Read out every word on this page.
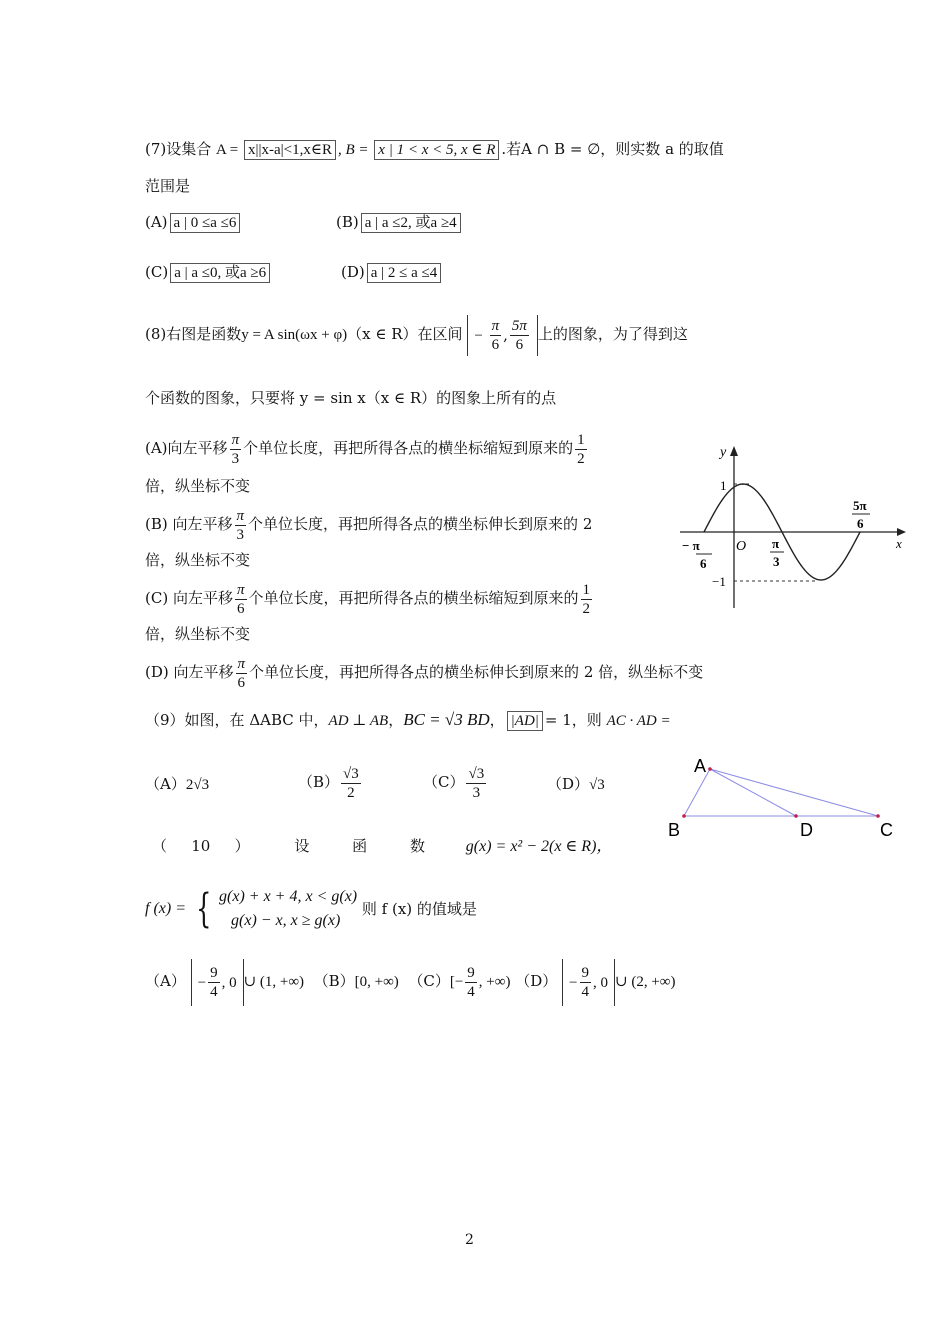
(7)设集合 A = x||x-a|<1,x∈R , B = x | 1 < x < 5, x ∈ R .若A ∩ B = ∅，则实数 a 的取值
范围是
(A) a | 0 ≤a ≤6	(B) a | a ≤2, 或a ≥4
(C) a | a ≤0, 或a ≥6	(D) a | 2 ≤ a ≤4
(8)右图是函数y = A sin(ωx + φ)（x ∈ R）在区间 − $\frac{\pi}{6}$ , $\frac{5\pi}{6}$ 上的图象，为了得到这
个函数的图象，只要将 y = sin x（x ∈ R）的图象上所有的点
(A)向左平移 $\frac{\pi}{3}$ 个单位长度，再把所得各点的横坐标缩短到原来的 $\frac{1}{2}$
倍，纵坐标不变
(B) 向左平移 $\frac{\pi}{3}$ 个单位长度，再把所得各点的横坐标伸长到原来的 2
倍，纵坐标不变
(C) 向左平移 $\frac{\pi}{6}$ 个单位长度，再把所得各点的横坐标缩短到原来的 $\frac{1}{2}$
倍，纵坐标不变
(D) 向左平移 $\frac{\pi}{6}$ 个单位长度，再把所得各点的横坐标伸长到原来的 2 倍，纵坐标不变
y
x
O
1
−1
− π
6
π
3
5π
6
（9）如图，在 ΔABC 中，AD ⊥ AB，BC = √3 BD， |AD| = 1，则 AC · AD =
（A）2√3	$(B) \frac{√3}{2}$	$(C) \frac{√3}{3}$	（D）√3
A
B	D	C
（ 10 ）	设	函	数	g(x) = x² − 2(x ∈ R)，
f (x) = { g(x) + x + 4, x < g(x)
g(x) − x, x ≥ g(x)
则 f (x) 的值域是
$(A) - \frac{9}{4}$ , 0 ∪ (1, +∞) （B）[0, +∞) $(C)[- \frac{9}{4}$ , +∞) $(D) - \frac{9}{4}$ , 0 ∪ (2, +∞)
2
